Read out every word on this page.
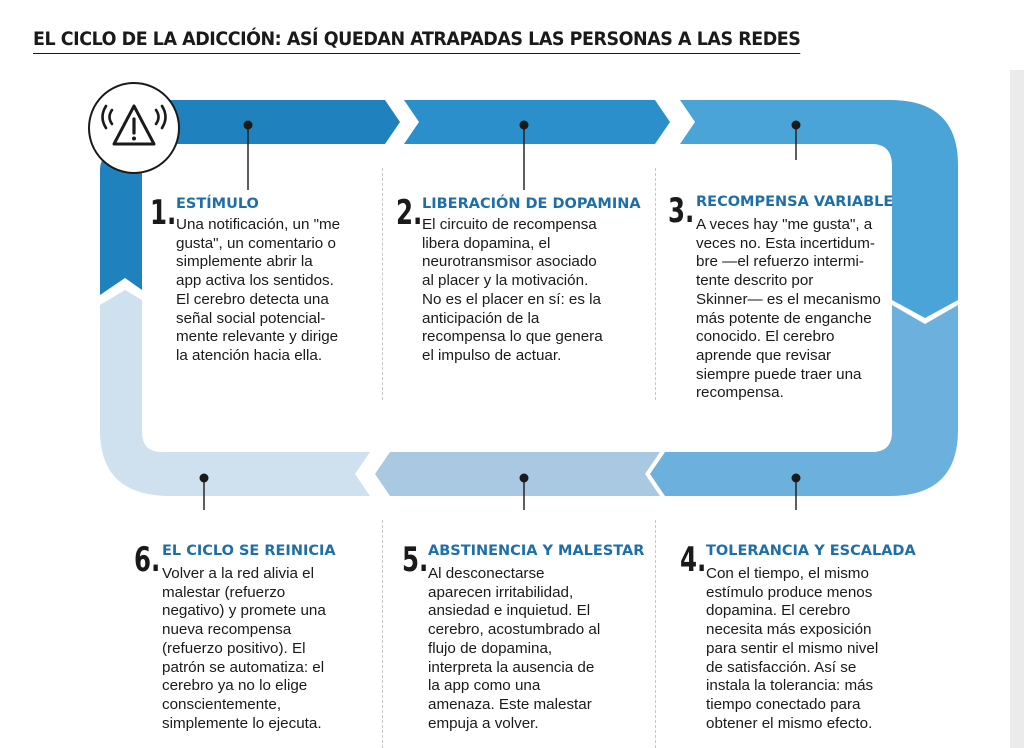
EL CICLO DE LA ADICCIÓN: ASÍ QUEDAN ATRAPADAS LAS PERSONAS A LAS REDES
1. ESTÍMULO
Una notificación, un "me
gusta", un comentario o
simplemente abrir la
app activa los sentidos.
El cerebro detecta una
señal social potencial-
mente relevante y dirige
la atención hacia ella.
2. LIBERACIÓN DE DOPAMINA
El circuito de recompensa
libera dopamina, el
neurotransmisor asociado
al placer y la motivación.
No es el placer en sí: es la
anticipación de la
recompensa lo que genera
el impulso de actuar.
3. RECOMPENSA VARIABLE
A veces hay "me gusta", a
veces no. Esta incertidum-
bre —el refuerzo intermi-
tente descrito por
Skinner— es el mecanismo
más potente de enganche
conocido. El cerebro
aprende que revisar
siempre puede traer una
recompensa.
6. EL CICLO SE REINICIA
Volver a la red alivia el
malestar (refuerzo
negativo) y promete una
nueva recompensa
(refuerzo positivo). El
patrón se automatiza: el
cerebro ya no lo elige
conscientemente,
simplemente lo ejecuta.
5. ABSTINENCIA Y MALESTAR
Al desconectarse
aparecen irritabilidad,
ansiedad e inquietud. El
cerebro, acostumbrado al
flujo de dopamina,
interpreta la ausencia de
la app como una
amenaza. Este malestar
empuja a volver.
4. TOLERANCIA Y ESCALADA
Con el tiempo, el mismo
estímulo produce menos
dopamina. El cerebro
necesita más exposición
para sentir el mismo nivel
de satisfacción. Así se
instala la tolerancia: más
tiempo conectado para
obtener el mismo efecto.
